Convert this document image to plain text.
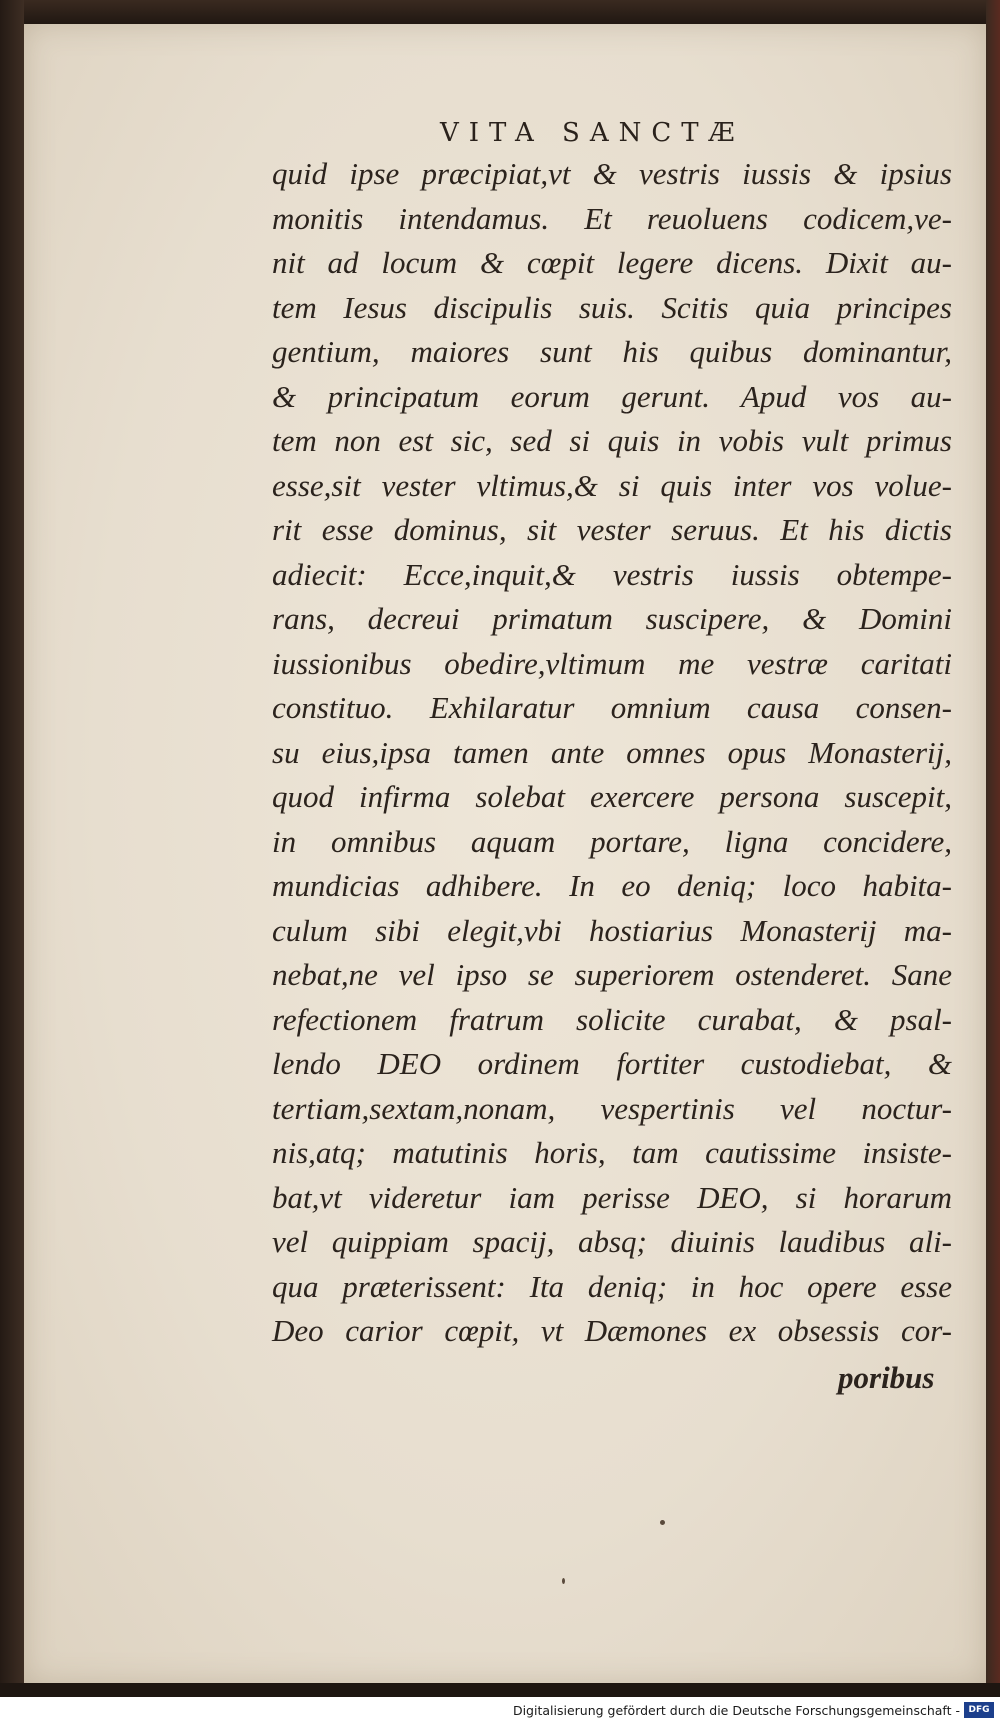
VITA SANCTÆ
quid ipse præcipiat,vt & vestris iussis & ipsius
monitis intendamus. Et reuoluens codicem,ve-
nit ad locum & cœpit legere dicens. Dixit au-
tem Iesus discipulis suis. Scitis quia principes
gentium, maiores sunt his quibus dominantur,
& principatum eorum gerunt. Apud vos au-
tem non est sic, sed si quis in vobis vult primus
esse,sit vester vltimus,& si quis inter vos volue-
rit esse dominus, sit vester seruus. Et his dictis
adiecit: Ecce,inquit,& vestris iussis obtempe-
rans, decreui primatum suscipere, & Domini
iussionibus obedire,vltimum me vestræ caritati
constituo. Exhilaratur omnium causa consen-
su eius,ipsa tamen ante omnes opus Monasterij,
quod infirma solebat exercere persona suscepit,
in omnibus aquam portare, ligna concidere,
mundicias adhibere. In eo deniq; loco habita-
culum sibi elegit,vbi hostiarius Monasterij ma-
nebat,ne vel ipso se superiorem ostenderet. Sane
refectionem fratrum solicite curabat, & psal-
lendo DEO ordinem fortiter custodiebat, &
tertiam,sextam,nonam, vespertinis vel noctur-
nis,atq; matutinis horis, tam cautissime insiste-
bat,vt videretur iam perisse DEO, si horarum
vel quippiam spacij, absq; diuinis laudibus ali-
qua præterissent: Ita deniq; in hoc opere esse
Deo carior cœpit, vt Dæmones ex obsessis cor-
poribus
Digitalisierung gefördert durch die Deutsche Forschungsgemeinschaft - DFG
